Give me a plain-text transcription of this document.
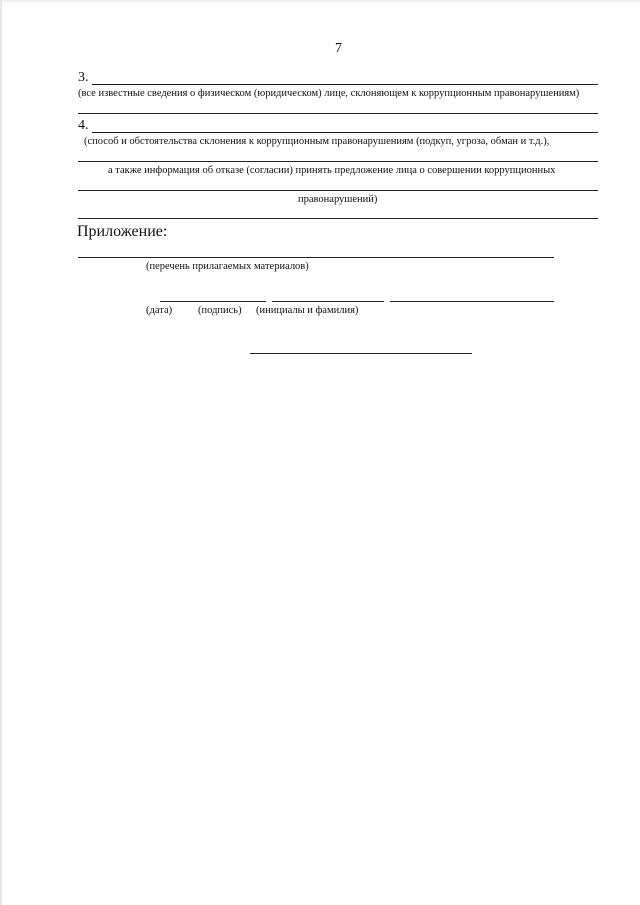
7
3.
(все известные сведения о физическом (юридическом) лице, склоняющем к коррупционным правонарушениям)
4.
(способ и обстоятельства склонения к коррупционным правонарушениям (подкуп, угроза, обман и т.д.),
а также информация об отказе (согласии) принять предложение лица о совершении коррупционных
правонарушений)
Приложение:
(перечень прилагаемых материалов)
(дата) (подпись) (инициалы и фамилия)
